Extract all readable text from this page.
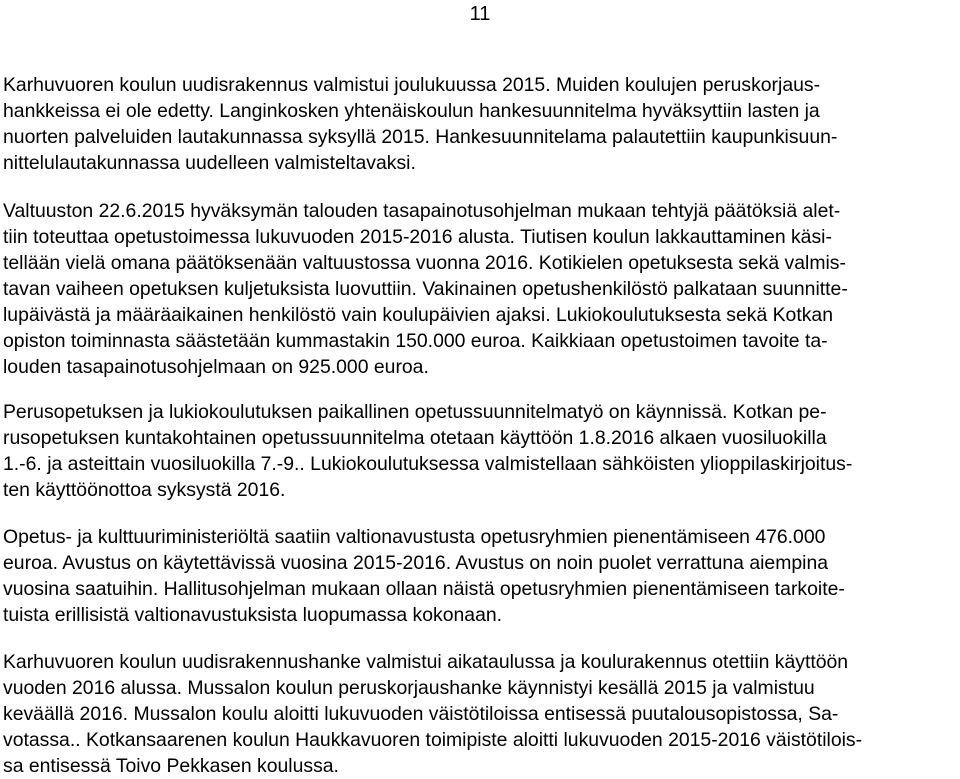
11
Karhuvuoren koulun uudisrakennus valmistui joulukuussa 2015. Muiden koulujen peruskorjaus-
hankkeissa ei ole edetty. Langinkosken yhtenäiskoulun hankesuunnitelma hyväksyttiin lasten ja
nuorten palveluiden lautakunnassa syksyllä 2015. Hankesuunnitelama palautettiin kaupunkisuun-
nittelulautakunnassa uudelleen valmisteltavaksi.
Valtuuston 22.6.2015 hyväksymän talouden tasapainotusohjelman mukaan tehtyjä päätöksiä alet-
tiin toteuttaa opetustoimessa lukuvuoden 2015-2016 alusta. Tiutisen koulun lakkauttaminen käsi-
tellään vielä omana päätöksenään valtuustossa vuonna 2016. Kotikielen opetuksesta sekä valmis-
tavan vaiheen opetuksen kuljetuksista luovuttiin. Vakinainen opetushenkilöstö palkataan suunnitte-
lupäivästä ja määräaikainen henkilöstö vain koulupäivien ajaksi. Lukiokoulutuksesta sekä Kotkan
opiston toiminnasta säästetään kummastakin 150.000 euroa. Kaikkiaan opetustoimen tavoite ta-
louden tasapainotusohjelmaan on 925.000 euroa.
Perusopetuksen ja lukiokoulutuksen paikallinen opetussuunnitelmatyö on käynnissä. Kotkan pe-
rusopetuksen kuntakohtainen opetussuunnitelma otetaan käyttöön 1.8.2016 alkaen vuosiluokilla
1.-6. ja asteittain vuosiluokilla 7.-9.. Lukiokoulutuksessa valmistellaan sähköisten ylioppilaskirjoitus-
ten käyttöönottoa syksystä 2016.
Opetus- ja kulttuuriministeriöltä saatiin valtionavustusta opetusryhmien pienentämiseen 476.000
euroa. Avustus on käytettävissä vuosina 2015-2016. Avustus on noin puolet verrattuna aiempina
vuosina saatuihin. Hallitusohjelman mukaan ollaan näistä opetusryhmien pienentämiseen tarkoite-
tuista erillisistä valtionavustuksista luopumassa kokonaan.
Karhuvuoren koulun uudisrakennushanke valmistui aikataulussa ja koulurakennus otettiin käyttöön
vuoden 2016 alussa. Mussalon koulun peruskorjaushanke käynnistyi kesällä 2015 ja valmistuu
keväällä 2016. Mussalon koulu aloitti lukuvuoden väistötiloissa entisessä puutalousopistossa, Sa-
votassa.. Kotkansaarenen koulun Haukkavuoren toimipiste aloitti lukuvuoden 2015-2016 väistötilois-
sa entisessä Toivo Pekkasen koulussa.
